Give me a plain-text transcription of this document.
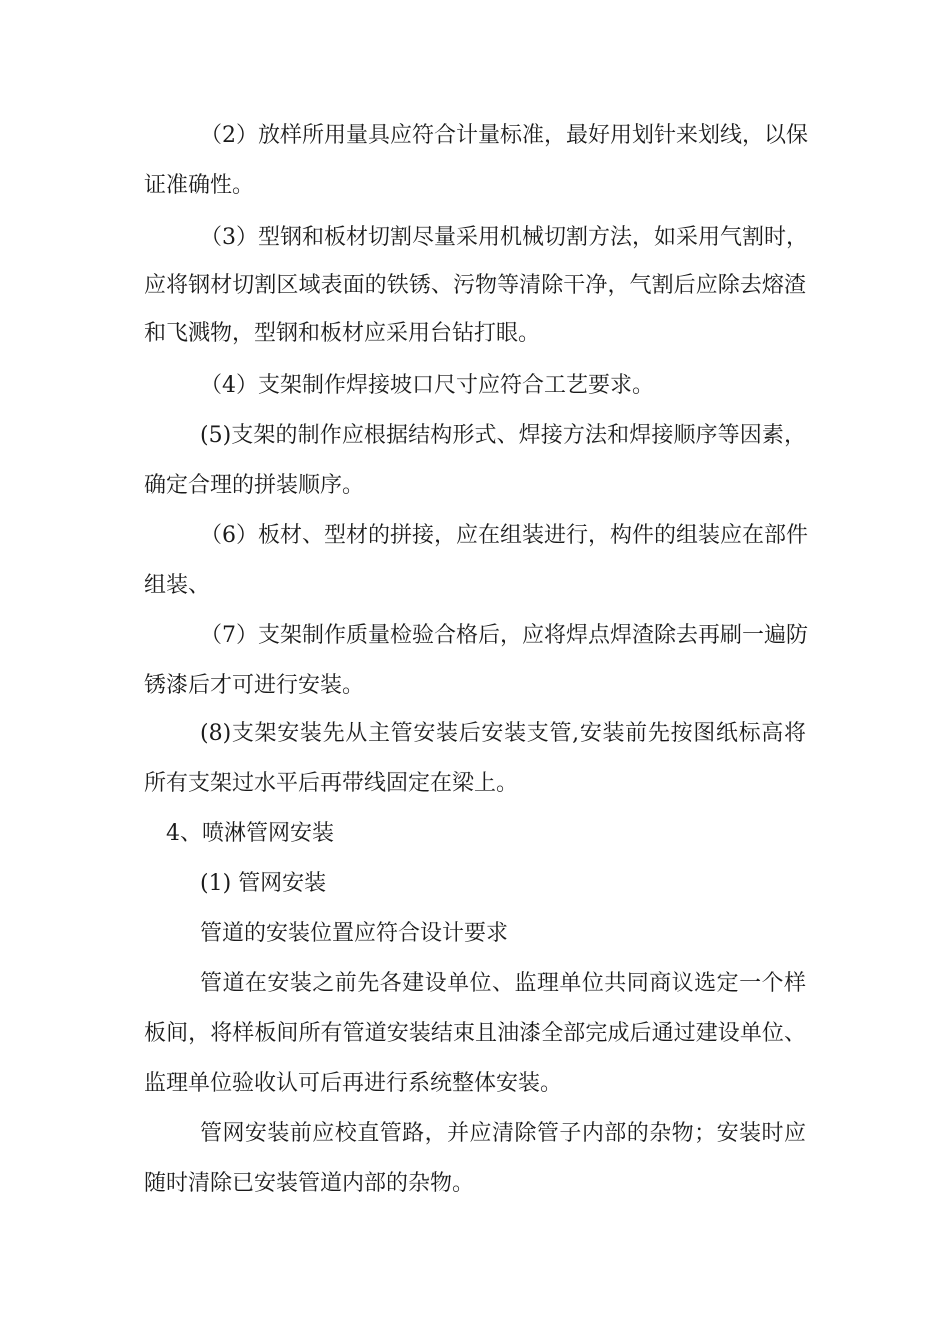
（2）放样所用量具应符合计量标准，最好用划针来划线，以保
证准确性。
（3）型钢和板材切割尽量采用机械切割方法，如采用气割时，
应将钢材切割区域表面的铁锈、污物等清除干净，气割后应除去熔渣
和飞溅物，型钢和板材应采用台钻打眼。
（4）支架制作焊接坡口尺寸应符合工艺要求。
(5)支架的制作应根据结构形式、焊接方法和焊接顺序等因素，
确定合理的拼装顺序。
（6）板材、型材的拼接，应在组装进行，构件的组装应在部件
组装、
（7）支架制作质量检验合格后，应将焊点焊渣除去再刷一遍防
锈漆后才可进行安装。
(8)支架安装先从主管安装后安装支管,安装前先按图纸标高将
所有支架过水平后再带线固定在梁上。
4、喷淋管网安装
(1) 管网安装
管道的安装位置应符合设计要求
管道在安装之前先各建设单位、监理单位共同商议选定一个样
板间，将样板间所有管道安装结束且油漆全部完成后通过建设单位、
监理单位验收认可后再进行系统整体安装。
管网安装前应校直管路，并应清除管子内部的杂物；安装时应
随时清除已安装管道内部的杂物。
